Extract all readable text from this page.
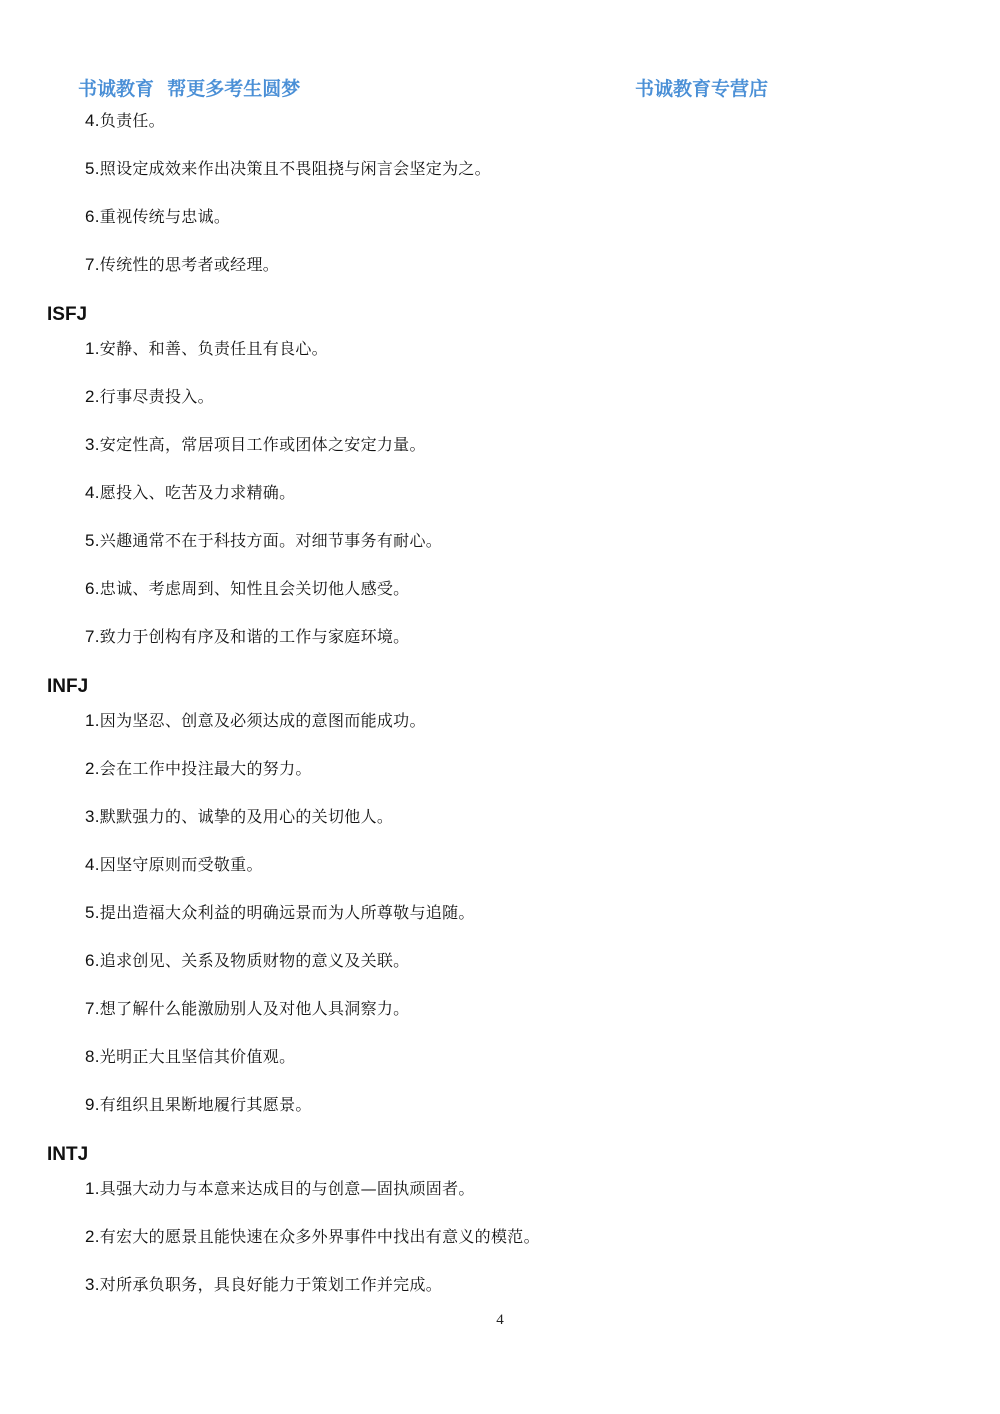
书诚教育  帮更多考生圆梦	书诚教育专营店
4.负责任。
5.照设定成效来作出决策且不畏阻挠与闲言会坚定为之。
6.重视传统与忠诚。
7.传统性的思考者或经理。
ISFJ
1.安静、和善、负责任且有良心。
2.行事尽责投入。
3.安定性高，常居项目工作或团体之安定力量。
4.愿投入、吃苦及力求精确。
5.兴趣通常不在于科技方面。对细节事务有耐心。
6.忠诚、考虑周到、知性且会关切他人感受。
7.致力于创构有序及和谐的工作与家庭环境。
INFJ
1.因为坚忍、创意及必须达成的意图而能成功。
2.会在工作中投注最大的努力。
3.默默强力的、诚挚的及用心的关切他人。
4.因坚守原则而受敬重。
5.提出造福大众利益的明确远景而为人所尊敬与追随。
6.追求创见、关系及物质财物的意义及关联。
7.想了解什么能激励别人及对他人具洞察力。
8.光明正大且坚信其价值观。
9.有组织且果断地履行其愿景。
INTJ
1.具强大动力与本意来达成目的与创意—固执顽固者。
2.有宏大的愿景且能快速在众多外界事件中找出有意义的模范。
3.对所承负职务，具良好能力于策划工作并完成。
4
